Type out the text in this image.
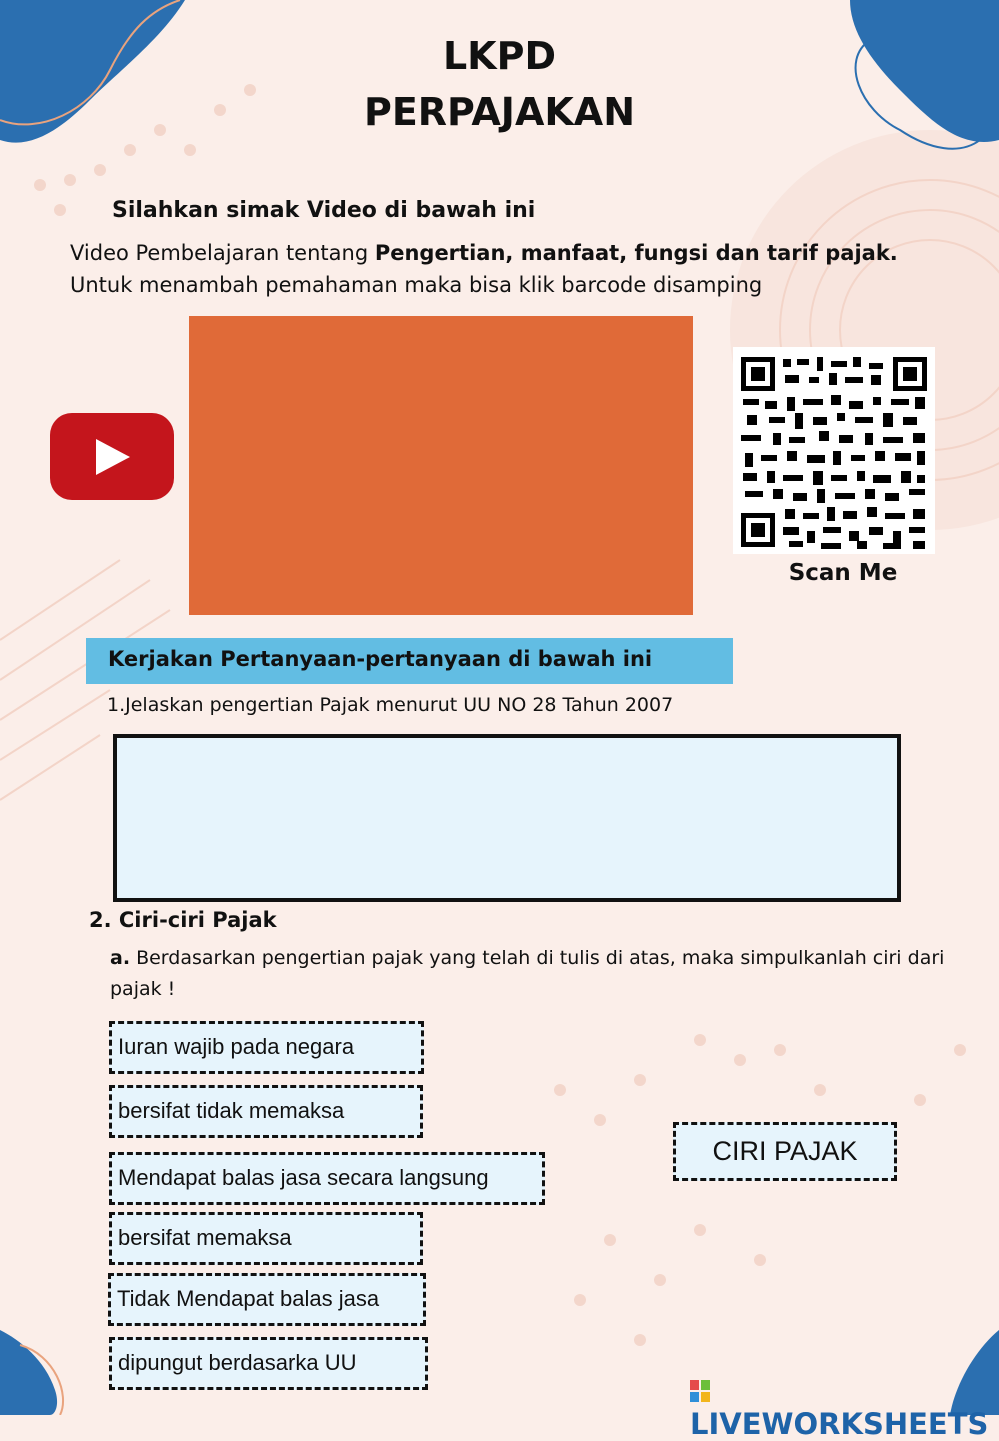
LKPD
PERPAJAKAN
Silahkan simak Video di bawah ini
Video Pembelajaran tentang Pengertian, manfaat, fungsi dan tarif pajak.
Untuk menambah pemahaman maka bisa klik barcode disamping
Scan Me
Kerjakan Pertanyaan-pertanyaan di bawah ini
1.Jelaskan pengertian Pajak menurut UU NO 28 Tahun 2007
2. Ciri-ciri Pajak
a. Berdasarkan pengertian pajak yang telah di tulis di atas, maka simpulkanlah ciri dari pajak !
Iuran wajib pada negara
bersifat tidak memaksa
Mendapat balas jasa secara langsung
bersifat memaksa
Tidak Mendapat balas jasa
dipungut berdasarka UU
CIRI PAJAK
LIVEWORKSHEETS
